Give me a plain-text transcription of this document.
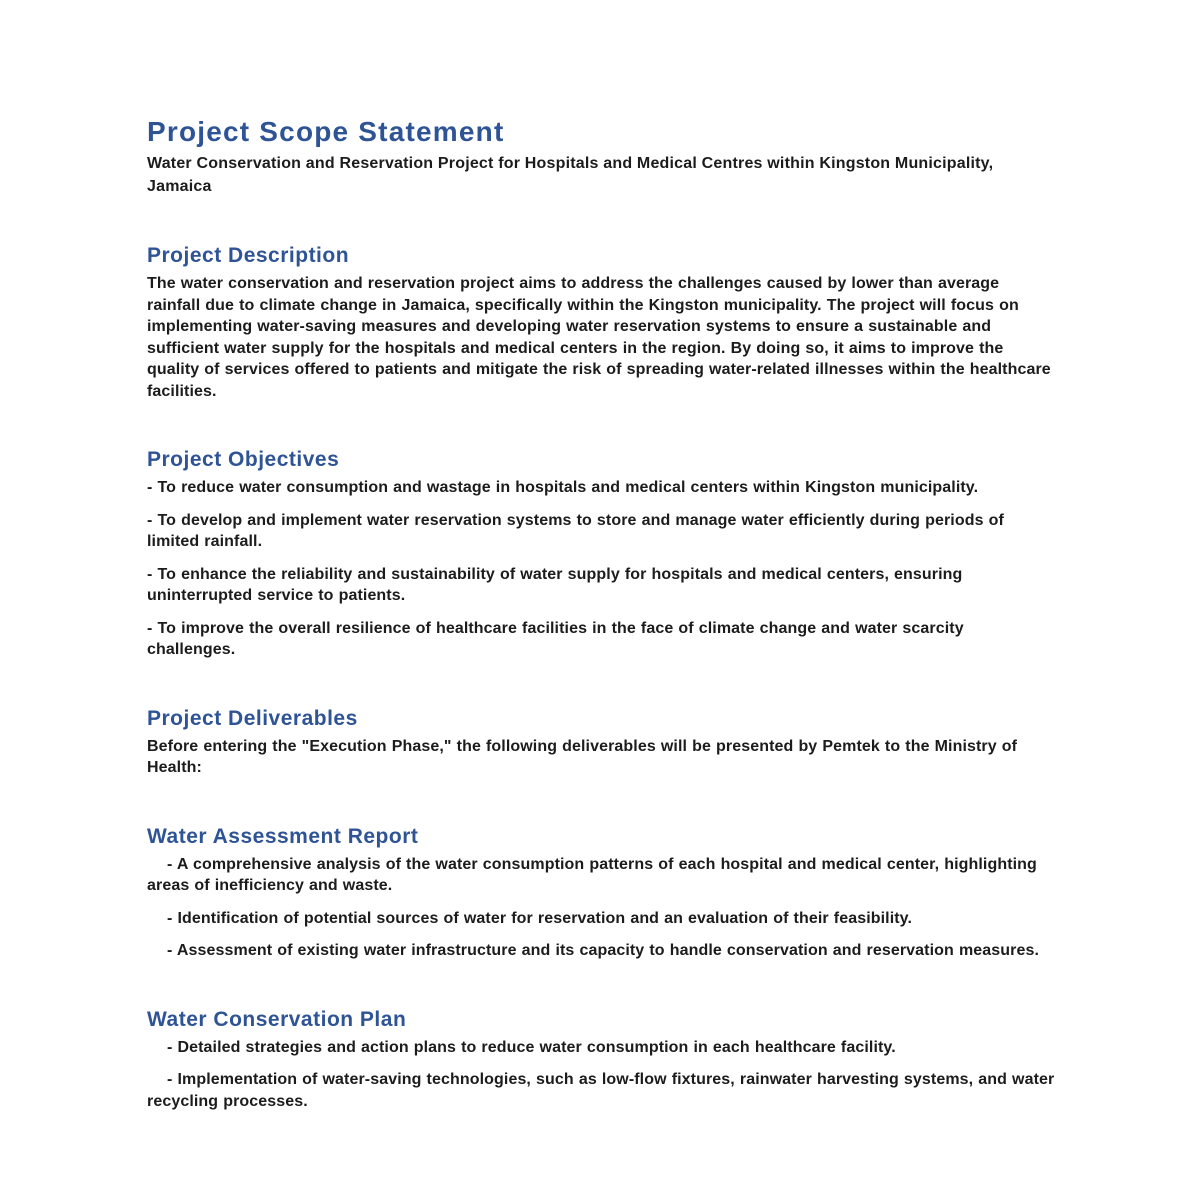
Project Scope Statement

Water Conservation and Reservation Project for Hospitals and Medical Centres within Kingston Municipality, Jamaica

Project Description

The water conservation and reservation project aims to address the challenges caused by lower than average rainfall due to climate change in Jamaica, specifically within the Kingston municipality. The project will focus on implementing water-saving measures and developing water reservation systems to ensure a sustainable and sufficient water supply for the hospitals and medical centers in the region. By doing so, it aims to improve the quality of services offered to patients and mitigate the risk of spreading water-related illnesses within the healthcare facilities.

Project Objectives

- To reduce water consumption and wastage in hospitals and medical centers within Kingston municipality.

- To develop and implement water reservation systems to store and manage water efficiently during periods of limited rainfall.

- To enhance the reliability and sustainability of water supply for hospitals and medical centers, ensuring uninterrupted service to patients.

- To improve the overall resilience of healthcare facilities in the face of climate change and water scarcity challenges.

Project Deliverables

Before entering the "Execution Phase," the following deliverables will be presented by Pemtek to the Ministry of Health:

Water Assessment Report

- A comprehensive analysis of the water consumption patterns of each hospital and medical center, highlighting areas of inefficiency and waste.

- Identification of potential sources of water for reservation and an evaluation of their feasibility.

- Assessment of existing water infrastructure and its capacity to handle conservation and reservation measures.

Water Conservation Plan

- Detailed strategies and action plans to reduce water consumption in each healthcare facility.

- Implementation of water-saving technologies, such as low-flow fixtures, rainwater harvesting systems, and water recycling processes.
